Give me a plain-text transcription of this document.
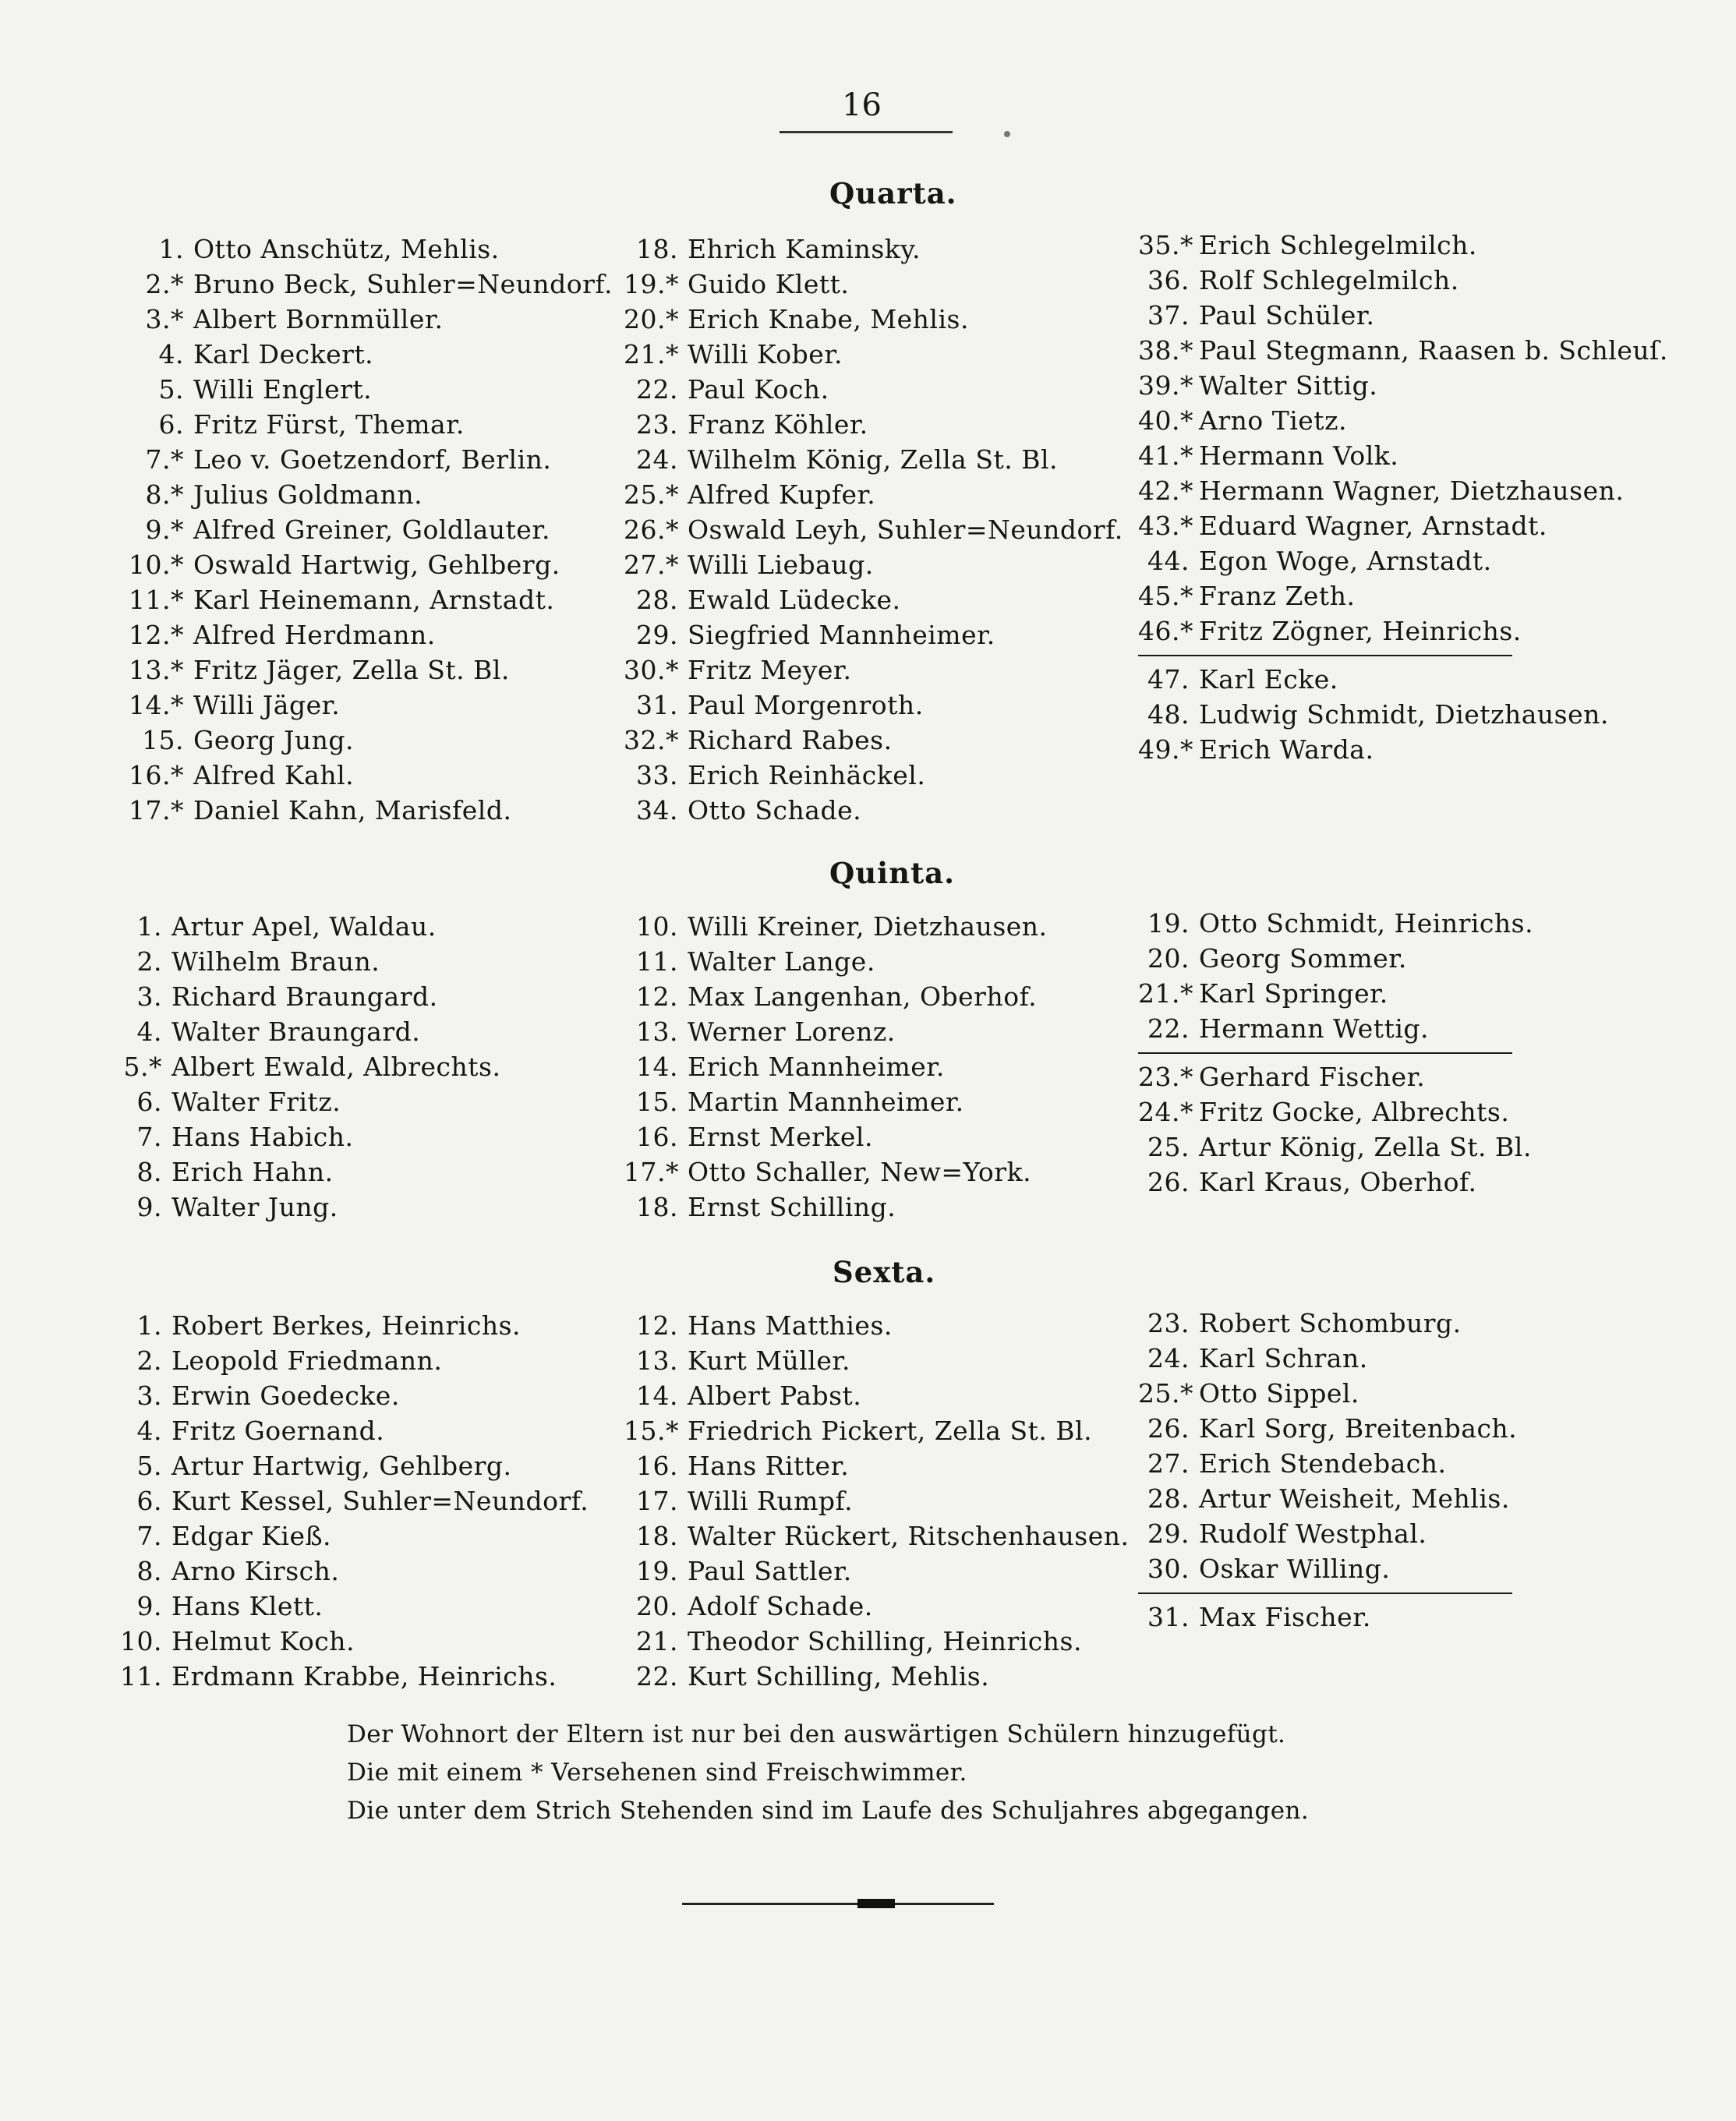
16
Quarta.
1. Otto Anschütz, Mehlis.
2.* Bruno Beck, Suhler=Neundorf.
3.* Albert Bornmüller.
4. Karl Deckert.
5. Willi Englert.
6. Fritz Fürst, Themar.
7.* Leo v. Goetzendorf, Berlin.
8.* Julius Goldmann.
9.* Alfred Greiner, Goldlauter.
10.* Oswald Hartwig, Gehlberg.
11.* Karl Heinemann, Arnstadt.
12.* Alfred Herdmann.
13.* Fritz Jäger, Zella St. Bl.
14.* Willi Jäger.
15. Georg Jung.
16.* Alfred Kahl.
17.* Daniel Kahn, Marisfeld.
18. Ehrich Kaminsky.
19.* Guido Klett.
20.* Erich Knabe, Mehlis.
21.* Willi Kober.
22. Paul Koch.
23. Franz Köhler.
24. Wilhelm König, Zella St. Bl.
25.* Alfred Kupfer.
26.* Oswald Leyh, Suhler=Neundorf.
27.* Willi Liebaug.
28. Ewald Lüdecke.
29. Siegfried Mannheimer.
30.* Fritz Meyer.
31. Paul Morgenroth.
32.* Richard Rabes.
33. Erich Reinhäckel.
34. Otto Schade.
35.* Erich Schlegelmilch.
36. Rolf Schlegelmilch.
37. Paul Schüler.
38.* Paul Stegmann, Raasen b. Schleuſ.
39.* Walter Sittig.
40.* Arno Tietz.
41.* Hermann Volk.
42.* Hermann Wagner, Dietzhausen.
43.* Eduard Wagner, Arnstadt.
44. Egon Woge, Arnstadt.
45.* Franz Zeth.
46.* Fritz Zögner, Heinrichs.
47. Karl Ecke.
48. Ludwig Schmidt, Dietzhausen.
49.* Erich Warda.
Quinta.
1. Artur Apel, Waldau.
2. Wilhelm Braun.
3. Richard Braungard.
4. Walter Braungard.
5.* Albert Ewald, Albrechts.
6. Walter Fritz.
7. Hans Habich.
8. Erich Hahn.
9. Walter Jung.
10. Willi Kreiner, Dietzhausen.
11. Walter Lange.
12. Max Langenhan, Oberhof.
13. Werner Lorenz.
14. Erich Mannheimer.
15. Martin Mannheimer.
16. Ernst Merkel.
17.* Otto Schaller, New=York.
18. Ernst Schilling.
19. Otto Schmidt, Heinrichs.
20. Georg Sommer.
21.* Karl Springer.
22. Hermann Wettig.
23.* Gerhard Fischer.
24.* Fritz Gocke, Albrechts.
25. Artur König, Zella St. Bl.
26. Karl Kraus, Oberhof.
Sexta.
1. Robert Berkes, Heinrichs.
2. Leopold Friedmann.
3. Erwin Goedecke.
4. Fritz Goernand.
5. Artur Hartwig, Gehlberg.
6. Kurt Kessel, Suhler=Neundorf.
7. Edgar Kieß.
8. Arno Kirsch.
9. Hans Klett.
10. Helmut Koch.
11. Erdmann Krabbe, Heinrichs.
12. Hans Matthies.
13. Kurt Müller.
14. Albert Pabst.
15.* Friedrich Pickert, Zella St. Bl.
16. Hans Ritter.
17. Willi Rumpf.
18. Walter Rückert, Ritschenhausen.
19. Paul Sattler.
20. Adolf Schade.
21. Theodor Schilling, Heinrichs.
22. Kurt Schilling, Mehlis.
23. Robert Schomburg.
24. Karl Schran.
25.* Otto Sippel.
26. Karl Sorg, Breitenbach.
27. Erich Stendebach.
28. Artur Weisheit, Mehlis.
29. Rudolf Westphal.
30. Oskar Willing.
31. Max Fischer.
Der Wohnort der Eltern ist nur bei den auswärtigen Schülern hinzugefügt.
Die mit einem * Versehenen sind Freischwimmer.
Die unter dem Strich Stehenden sind im Laufe des Schuljahres abgegangen.
